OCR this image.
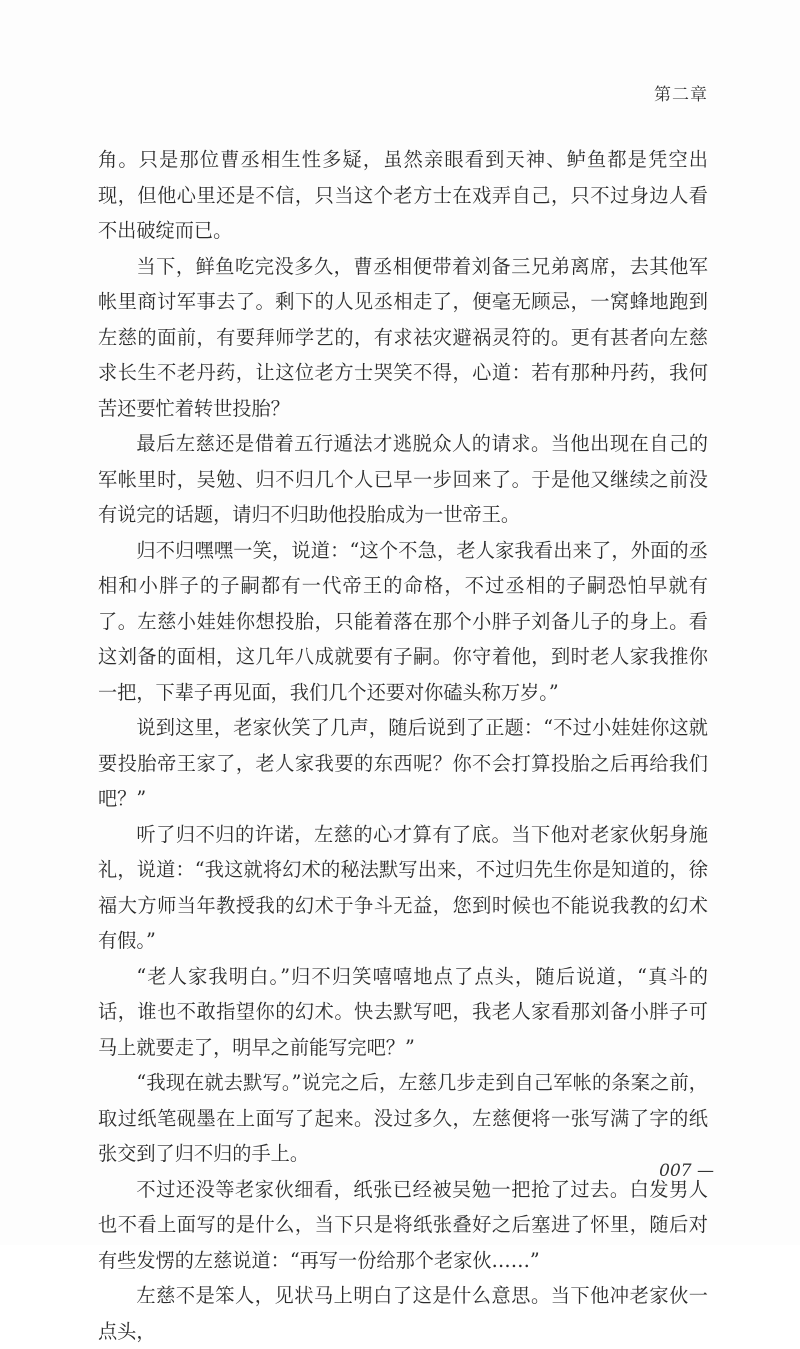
第二章

角。只是那位曹丞相生性多疑，虽然亲眼看到天神、鲈鱼都是凭空出现，但他心里还是不信，只当这个老方士在戏弄自己，只不过身边人看不出破绽而已。

当下，鲜鱼吃完没多久，曹丞相便带着刘备三兄弟离席，去其他军帐里商讨军事去了。剩下的人见丞相走了，便毫无顾忌，一窝蜂地跑到左慈的面前，有要拜师学艺的，有求祛灾避祸灵符的。更有甚者向左慈求长生不老丹药，让这位老方士哭笑不得，心道：若有那种丹药，我何苦还要忙着转世投胎？

最后左慈还是借着五行遁法才逃脱众人的请求。当他出现在自己的军帐里时，吴勉、归不归几个人已早一步回来了。于是他又继续之前没有说完的话题，请归不归助他投胎成为一世帝王。

归不归嘿嘿一笑，说道：“这个不急，老人家我看出来了，外面的丞相和小胖子的子嗣都有一代帝王的命格，不过丞相的子嗣恐怕早就有了。左慈小娃娃你想投胎，只能着落在那个小胖子刘备儿子的身上。看这刘备的面相，这几年八成就要有子嗣。你守着他，到时老人家我推你一把，下辈子再见面，我们几个还要对你磕头称万岁。”

说到这里，老家伙笑了几声，随后说到了正题：“不过小娃娃你这就要投胎帝王家了，老人家我要的东西呢？你不会打算投胎之后再给我们吧？”

听了归不归的许诺，左慈的心才算有了底。当下他对老家伙躬身施礼，说道：“我这就将幻术的秘法默写出来，不过归先生你是知道的，徐福大方师当年教授我的幻术于争斗无益，您到时候也不能说我教的幻术有假。”

“老人家我明白。”归不归笑嘻嘻地点了点头，随后说道，“真斗的话，谁也不敢指望你的幻术。快去默写吧，我老人家看那刘备小胖子可马上就要走了，明早之前能写完吧？”

“我现在就去默写。”说完之后，左慈几步走到自己军帐的条案之前，取过纸笔砚墨在上面写了起来。没过多久，左慈便将一张写满了字的纸张交到了归不归的手上。

不过还没等老家伙细看，纸张已经被吴勉一把抢了过去。白发男人也不看上面写的是什么，当下只是将纸张叠好之后塞进了怀里，随后对有些发愣的左慈说道：“再写一份给那个老家伙……”

左慈不是笨人，见状马上明白了这是什么意思。当下他冲老家伙一点头，

007 —
